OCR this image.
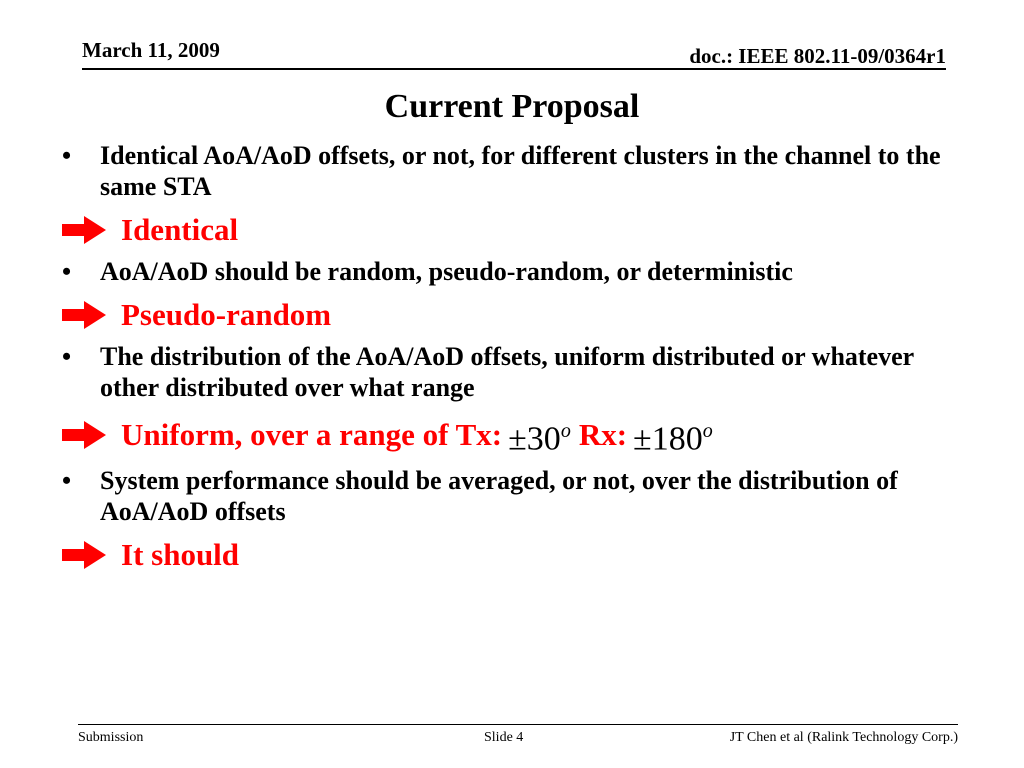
March 11, 2009	doc.: IEEE 802.11-09/0364r1
Current Proposal
• Identical AoA/AoD offsets, or not, for different clusters in the channel to the same STA
Identical
• AoA/AoD should be random, pseudo-random, or deterministic
Pseudo-random
• The distribution of the AoA/AoD offsets, uniform distributed or whatever other distributed over what range
Uniform, over a range of Tx: $\pm 30^o$ Rx: $\pm 180^o$
• System performance should be averaged, or not, over the distribution of AoA/AoD offsets
It should
Submission	Slide 4	JT Chen et al (Ralink Technology Corp.)
